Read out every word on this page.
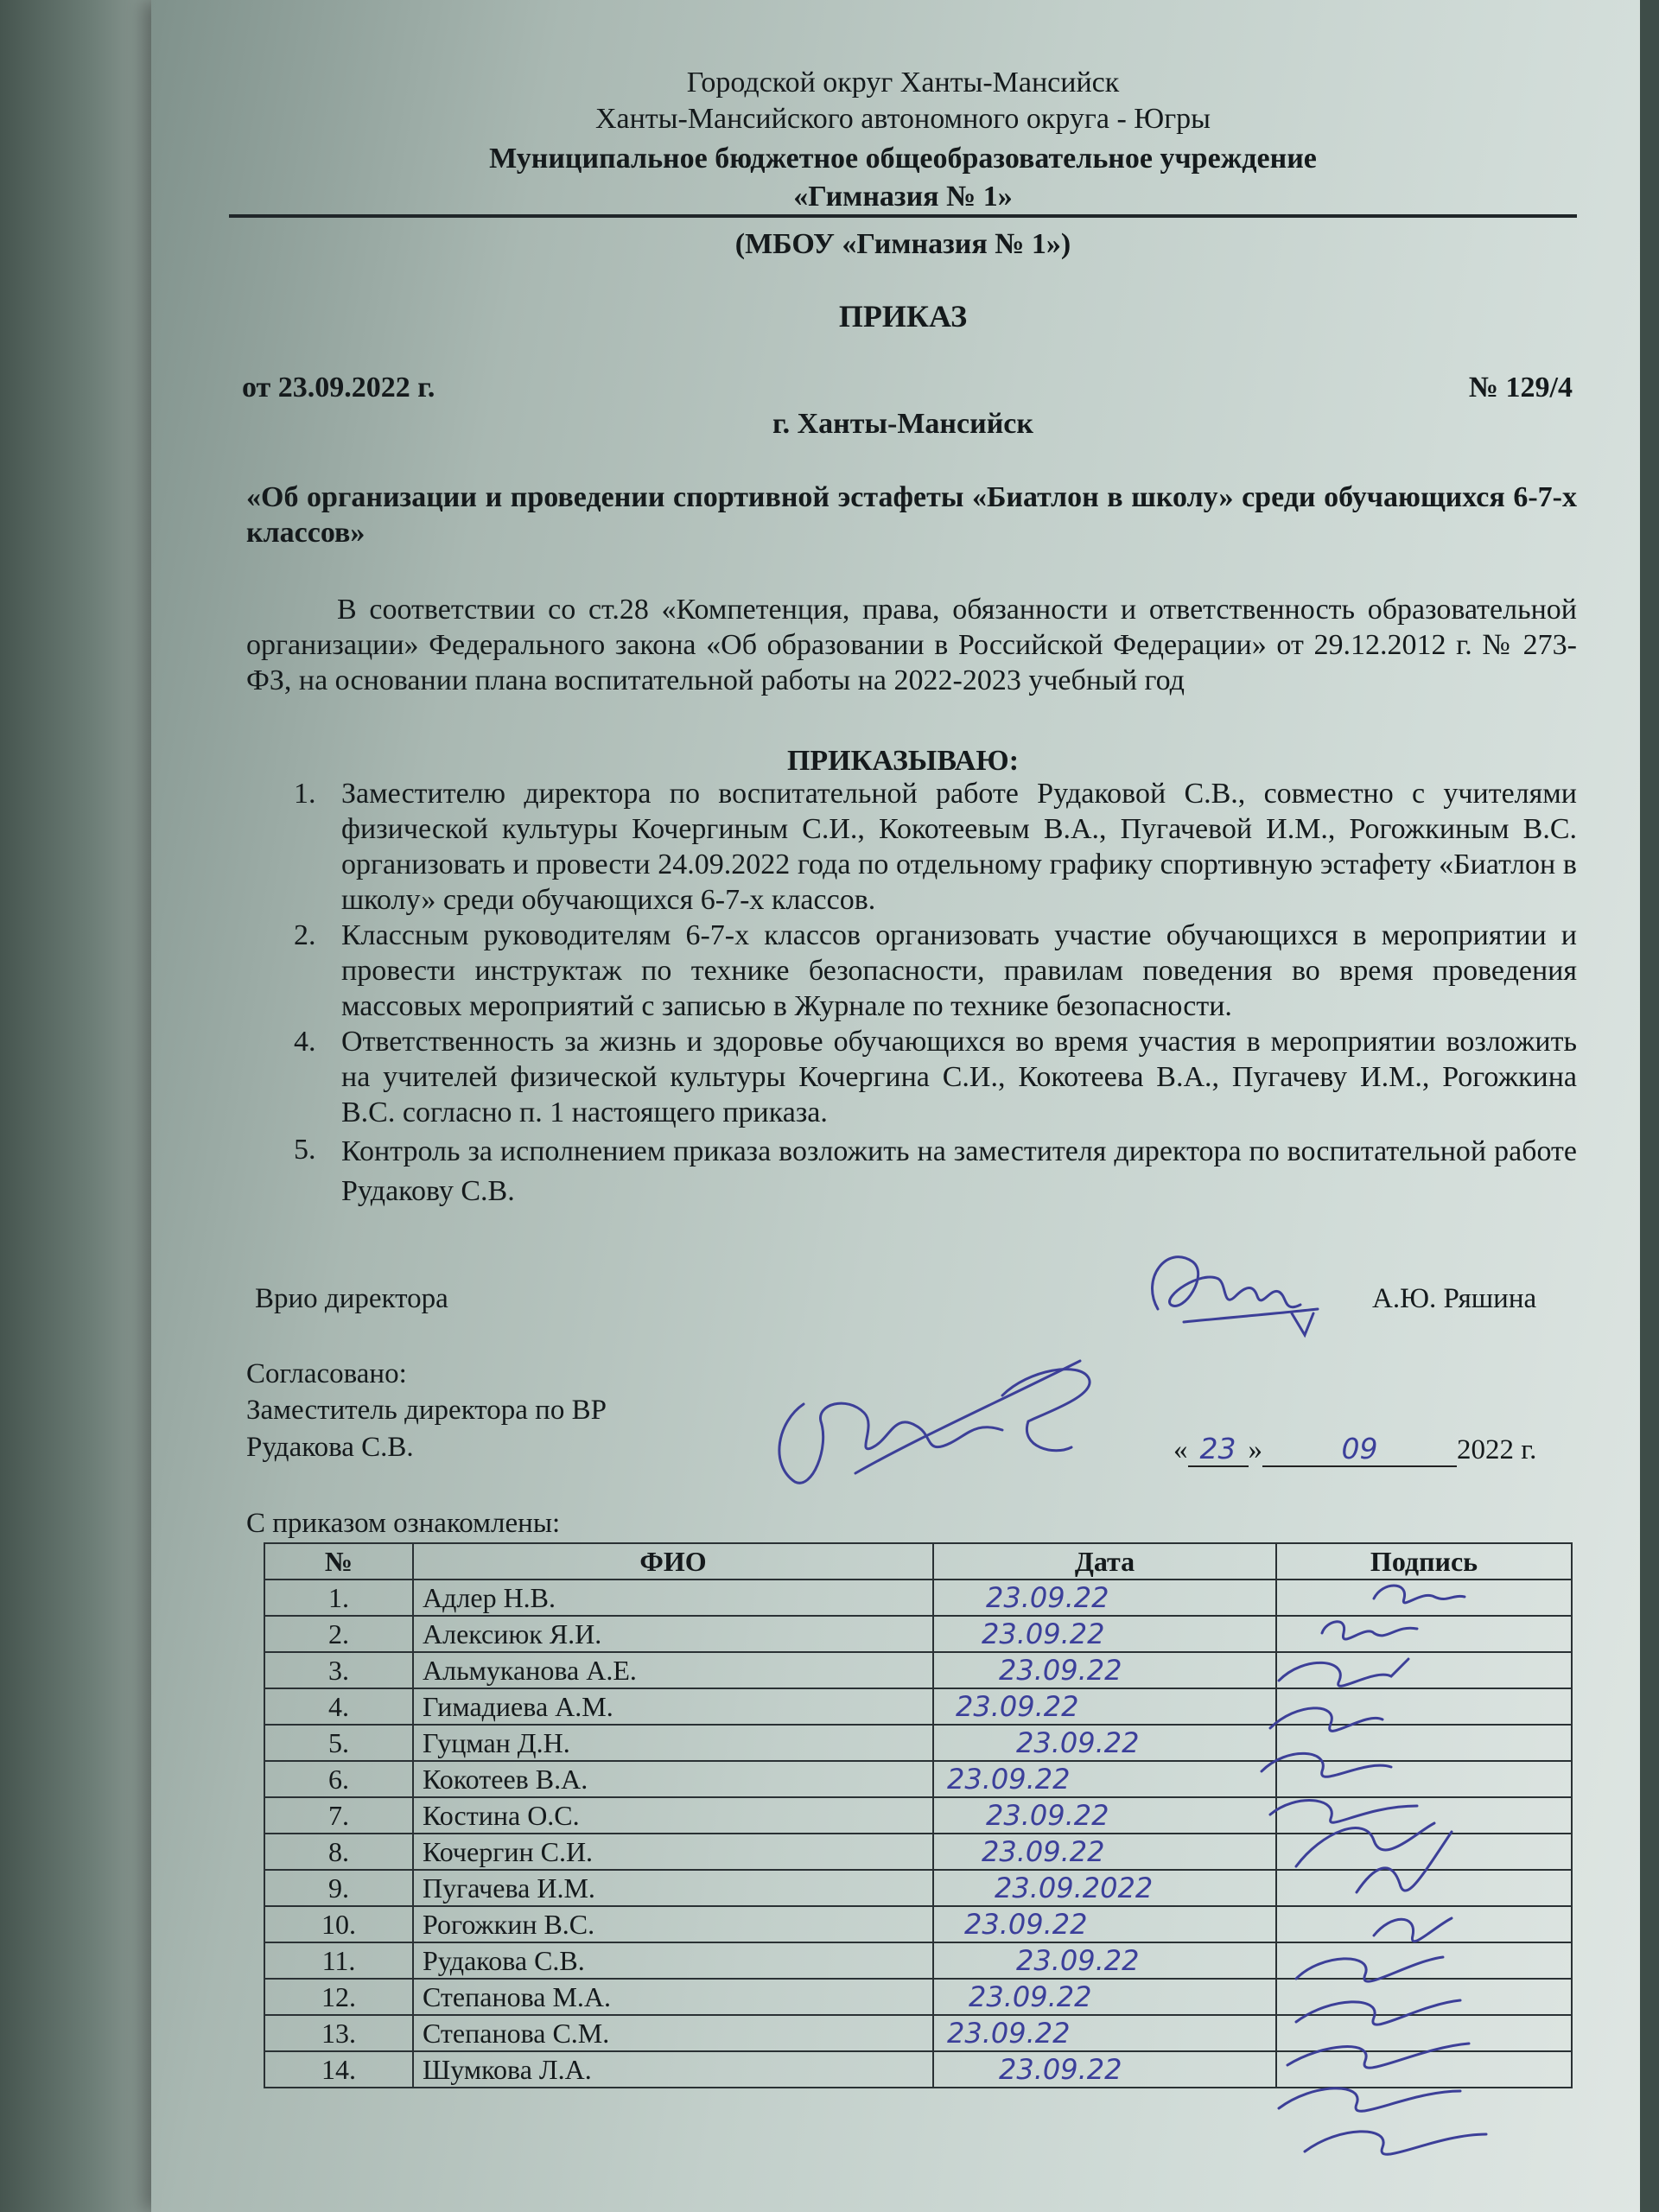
Городской округ Ханты-Мансийск
Ханты-Мансийского автономного округа - Югры
Муниципальное бюджетное общеобразовательное учреждение
«Гимназия № 1»
(МБОУ «Гимназия № 1»)
ПРИКАЗ
от 23.09.2022 г.	№ 129/4
г. Ханты-Мансийск
«Об организации и проведении спортивной эстафеты «Биатлон в школу» среди обучающихся 6-7-х классов»
В соответствии со ст.28 «Компетенция, права, обязанности и ответственность образовательной организации» Федерального закона «Об образовании в Российской Федерации» от 29.12.2012 г. № 273-ФЗ, на основании плана воспитательной работы на 2022-2023 учебный год
ПРИКАЗЫВАЮ:
1. Заместителю директора по воспитательной работе Рудаковой С.В., совместно с учителями физической культуры Кочергиным С.И., Кокотеевым В.А., Пугачевой И.М., Рогожкиным В.С. организовать и провести 24.09.2022 года по отдельному графику спортивную эстафету «Биатлон в школу» среди обучающихся 6-7-х классов.
2. Классным руководителям 6-7-х классов организовать участие обучающихся в мероприятии и провести инструктаж по технике безопасности, правилам поведения во время проведения массовых мероприятий с записью в Журнале по технике безопасности.
4. Ответственность за жизнь и здоровье обучающихся во время участия в мероприятии возложить на учителей физической культуры Кочергина С.И., Кокотеева В.А., Пугачеву И.М., Рогожкина В.С. согласно п. 1 настоящего приказа.
5. Контроль за исполнением приказа возложить на заместителя директора по воспитательной работе Рудакову С.В.
Врио директора	А.Ю. Ряшина
Согласовано:
Заместитель директора по ВР
Рудакова С.В.	« 23 »	09	2022 г.
С приказом ознакомлены:
№	ФИО	Дата	Подпись
1.	Адлер Н.В.	23.09.22	
2.	Алексиюк Я.И.	23.09.22	
3.	Альмуканова А.Е.	23.09.22	
4.	Гимадиева А.М.	23.09.22	
5.	Гуцман Д.Н.	23.09.22	
6.	Кокотеев В.А.	23.09.22	
7.	Костина О.С.	23.09.22	
8.	Кочергин С.И.	23.09.22	
9.	Пугачева И.М.	23.09.2022	
10.	Рогожкин В.С.	23.09.22	
11.	Рудакова С.В.	23.09.22	
12.	Степанова М.А.	23.09.22	
13.	Степанова С.М.	23.09.22	
14.	Шумкова Л.А.	23.09.22	
